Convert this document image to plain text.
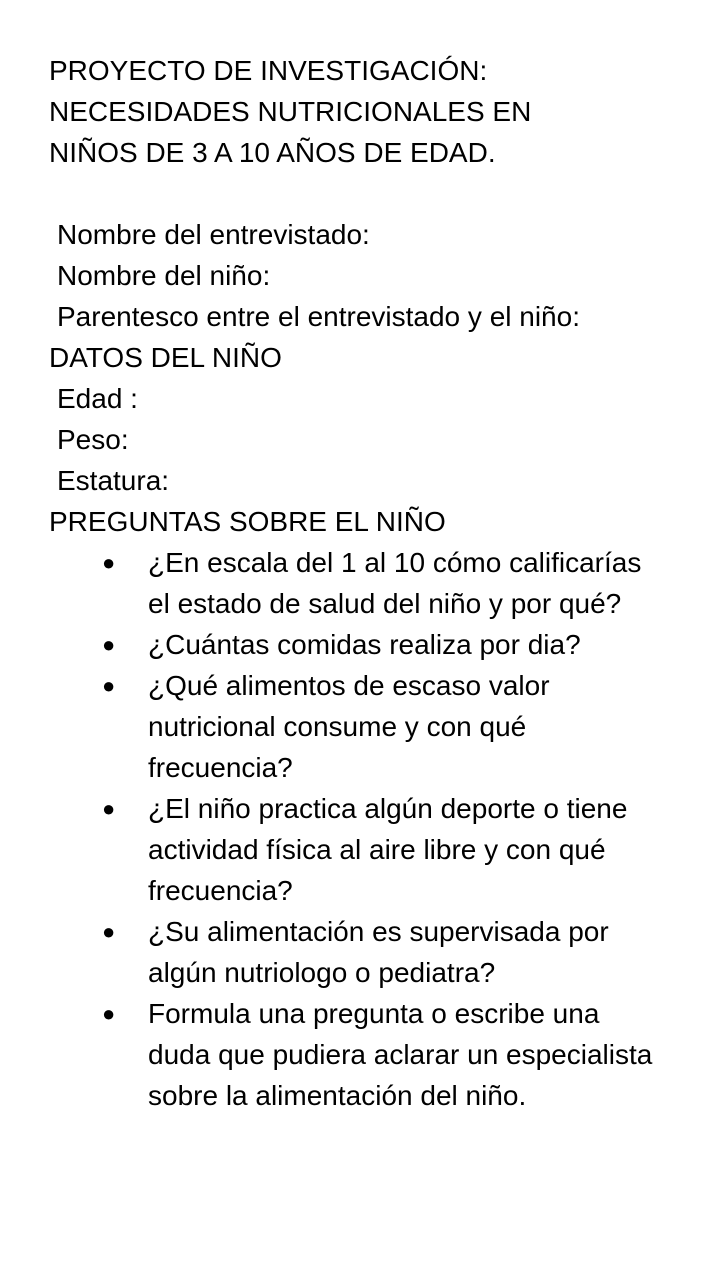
PROYECTO DE INVESTIGACIÓN:
NECESIDADES NUTRICIONALES EN
NIÑOS DE 3 A 10 AÑOS DE EDAD.
Nombre del entrevistado:
Nombre del niño:
Parentesco entre el entrevistado y el niño:
DATOS DEL NIÑO
Edad :
Peso:
Estatura:
PREGUNTAS SOBRE EL NIÑO
● ¿En escala del 1 al 10 cómo calificarías el estado de salud del niño y por qué?
● ¿Cuántas comidas realiza por dia?
● ¿Qué alimentos de escaso valor nutricional consume y con qué frecuencia?
● ¿El niño practica algún deporte o tiene actividad física al aire libre y con qué frecuencia?
● ¿Su alimentación es supervisada por algún nutriologo o pediatra?
● Formula una pregunta o escribe una duda que pudiera aclarar un especialista sobre la alimentación del niño.
